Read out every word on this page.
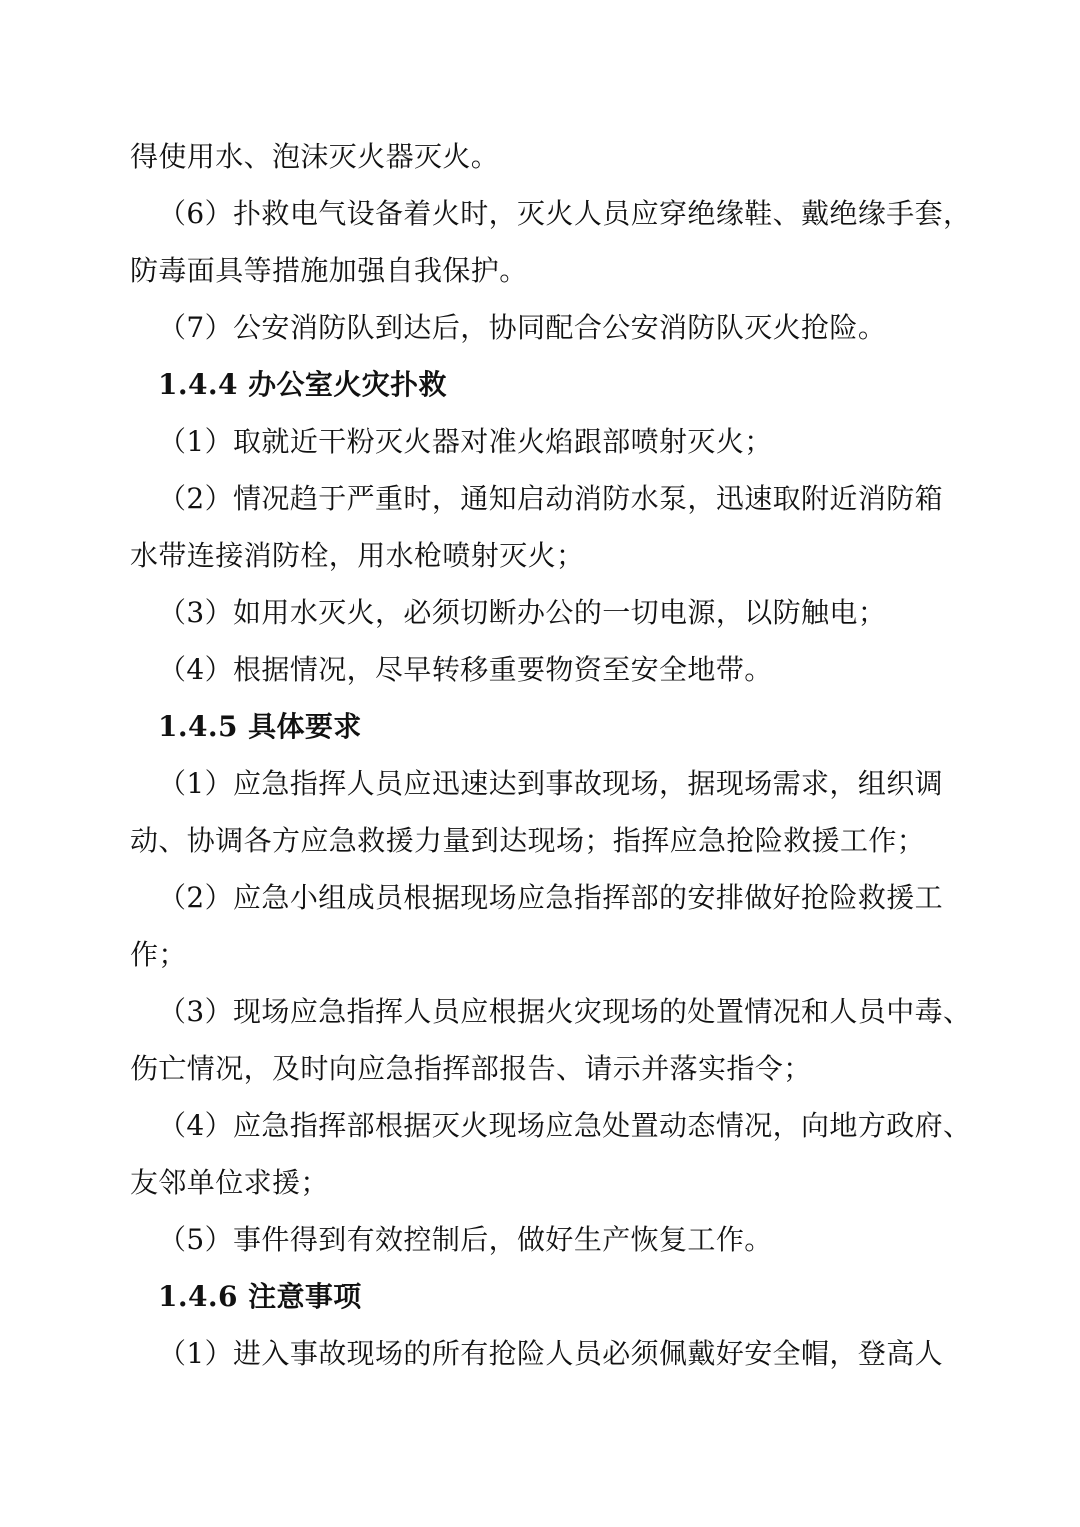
得使用水、泡沫灭火器灭火。
（6）扑救电气设备着火时，灭火人员应穿绝缘鞋、戴绝缘手套，
防毒面具等措施加强自我保护。
（7）公安消防队到达后，协同配合公安消防队灭火抢险。
1.4.4 办公室火灾扑救
（1）取就近干粉灭火器对准火焰跟部喷射灭火；
（2）情况趋于严重时，通知启动消防水泵，迅速取附近消防箱
水带连接消防栓，用水枪喷射灭火；
（3）如用水灭火，必须切断办公的一切电源，以防触电；
（4）根据情况，尽早转移重要物资至安全地带。
1.4.5 具体要求
（1）应急指挥人员应迅速达到事故现场，据现场需求，组织调
动、协调各方应急救援力量到达现场；指挥应急抢险救援工作；
（2）应急小组成员根据现场应急指挥部的安排做好抢险救援工
作；
（3）现场应急指挥人员应根据火灾现场的处置情况和人员中毒、
伤亡情况，及时向应急指挥部报告、请示并落实指令；
（4）应急指挥部根据灭火现场应急处置动态情况，向地方政府、
友邻单位求援；
（5）事件得到有效控制后，做好生产恢复工作。
1.4.6 注意事项
（1）进入事故现场的所有抢险人员必须佩戴好安全帽，登高人
